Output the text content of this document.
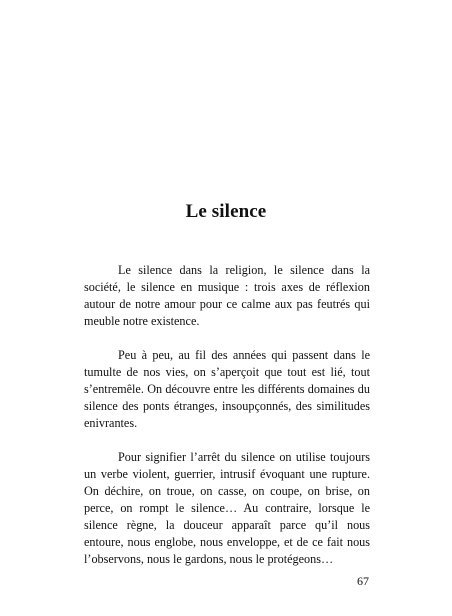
Le silence

Le silence dans la religion, le silence dans la société, le silence en musique : trois axes de réflexion autour de notre amour pour ce calme aux pas feutrés qui meuble notre existence.

Peu à peu, au fil des années qui passent dans le tumulte de nos vies, on s’aperçoit que tout est lié, tout s’entremêle. On découvre entre les différents domaines du silence des ponts étranges, insoupçonnés, des similitudes enivrantes.

Pour signifier l’arrêt du silence on utilise toujours un verbe violent, guerrier, intrusif évoquant une rupture. On déchire, on troue, on casse, on coupe, on brise, on perce, on rompt le silence… Au contraire, lorsque le silence règne, la douceur apparaît parce qu’il nous entoure, nous englobe, nous enveloppe, et de ce fait nous l’observons, nous le gardons, nous le protégeons…

67
